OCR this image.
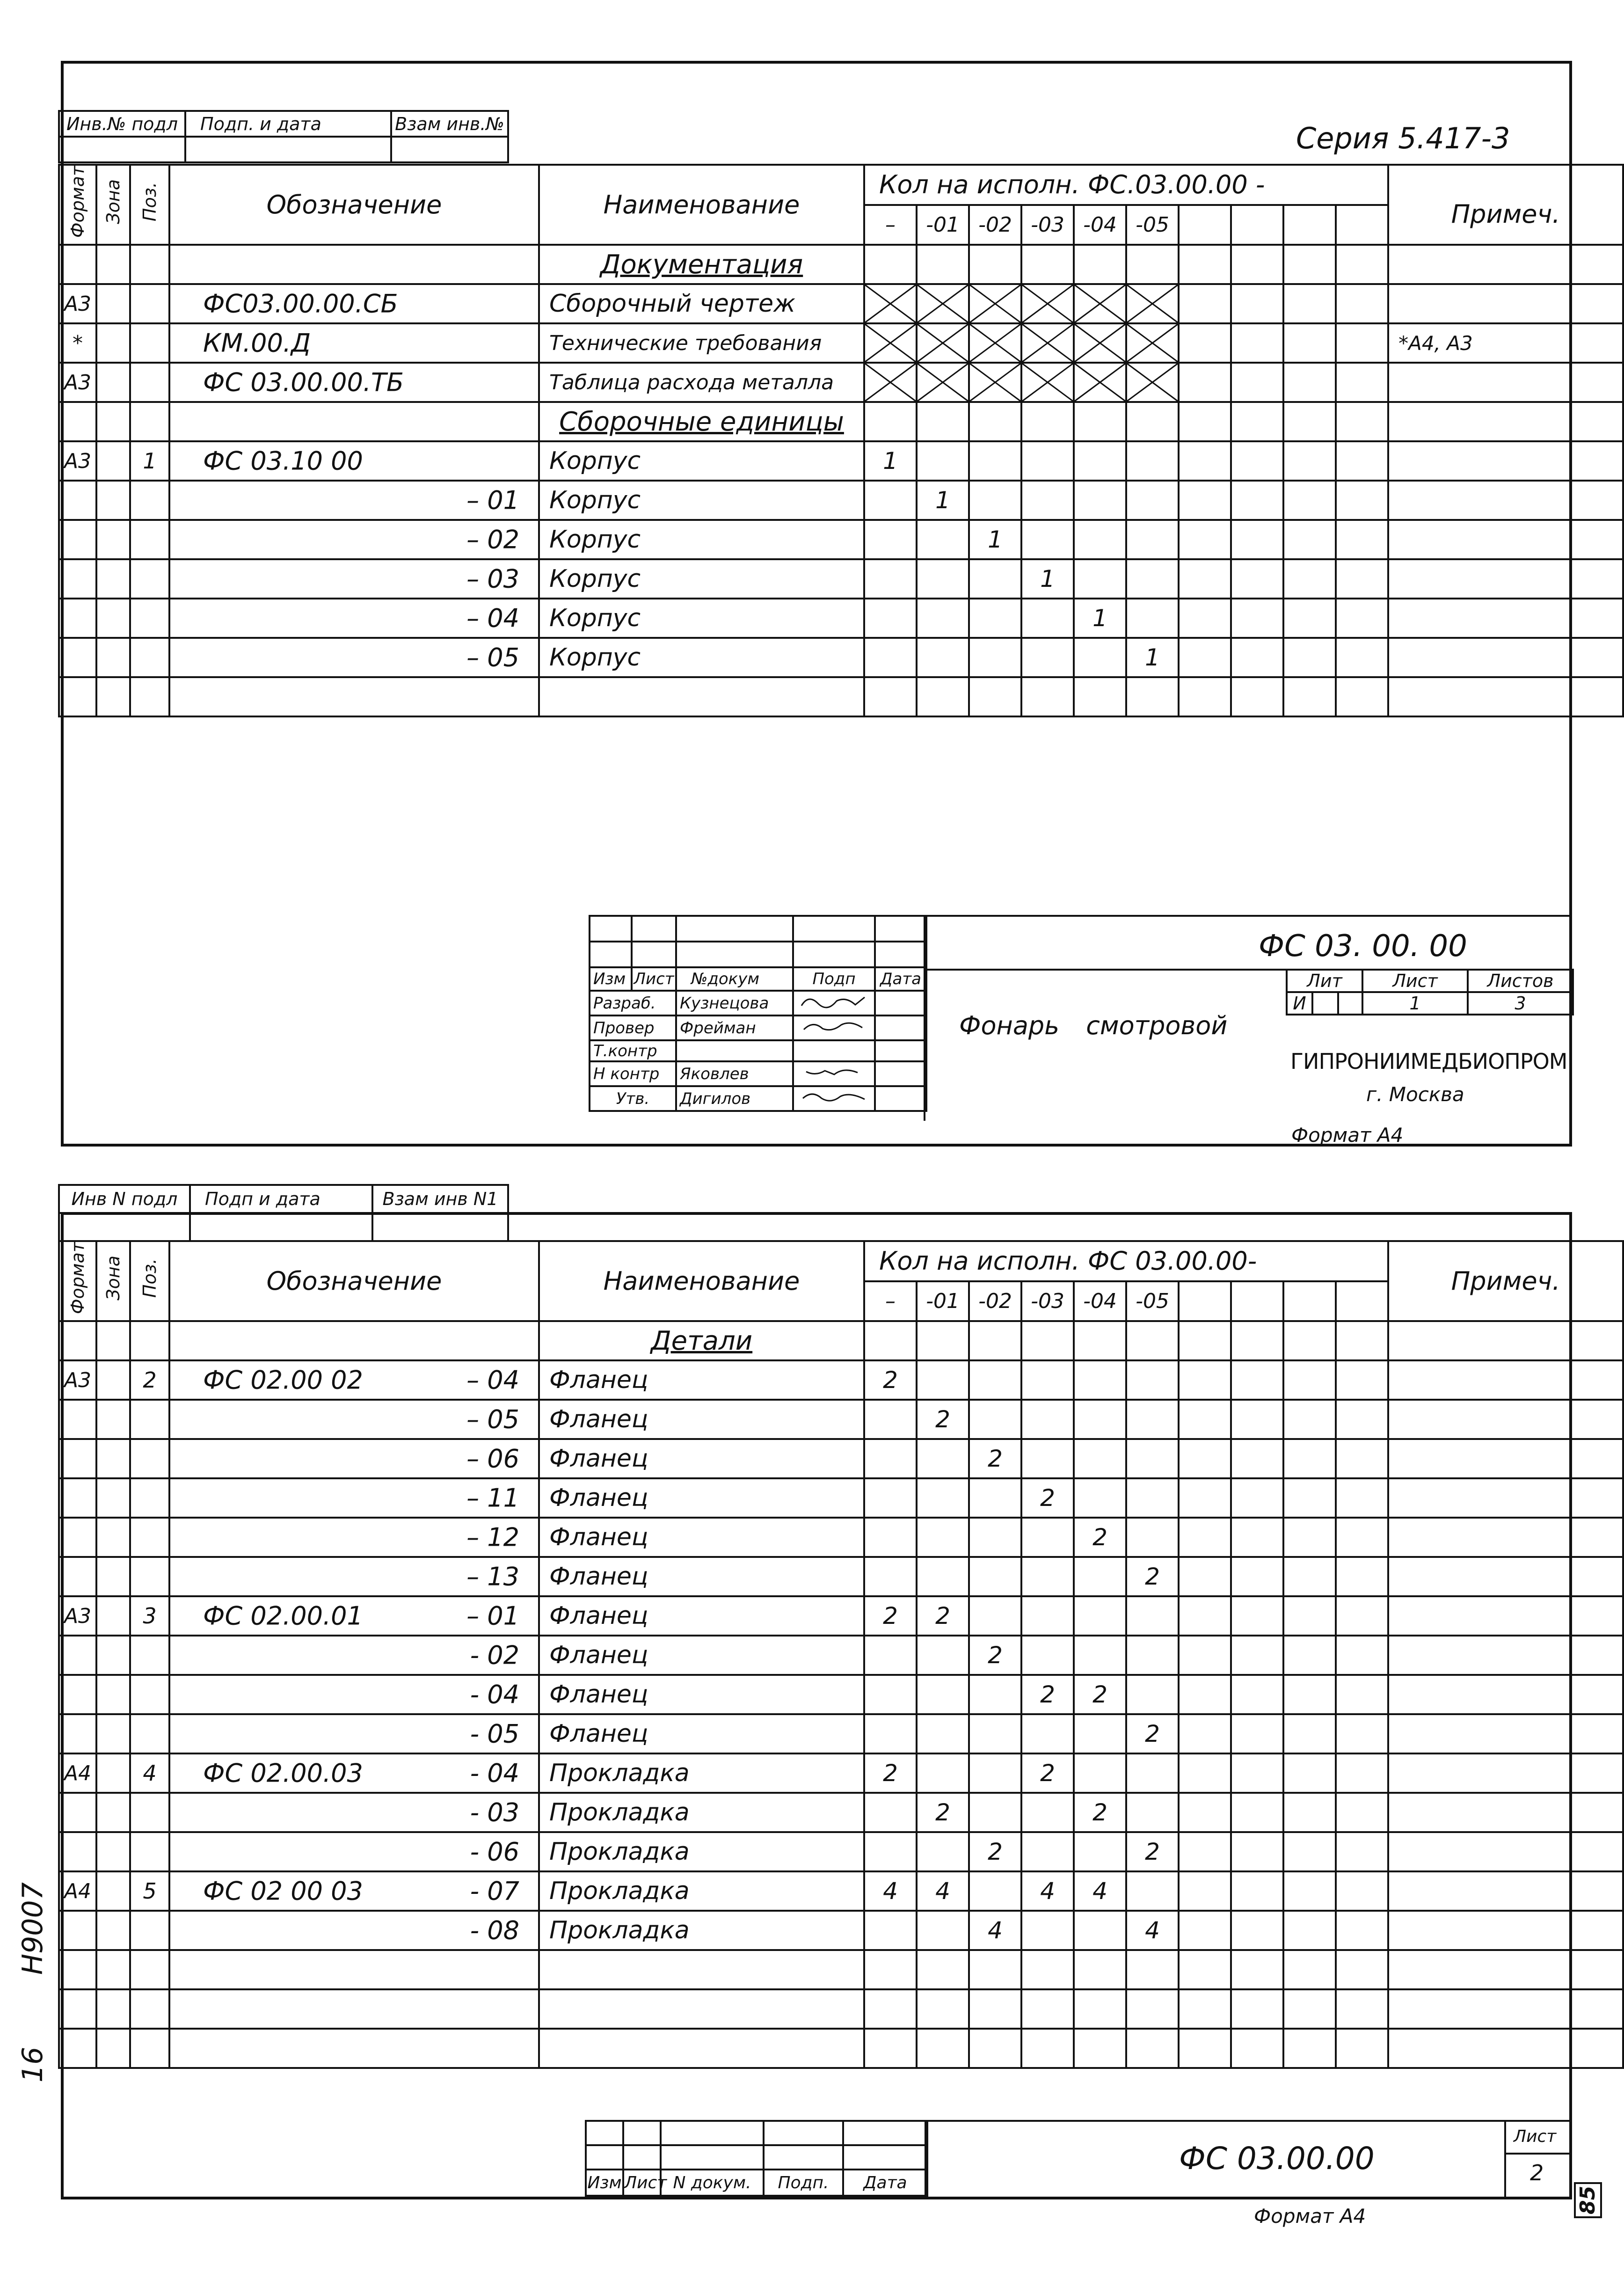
Инв.№ подл	Подп. и дата	Взам инв.№
			Серия 5.417-3
Формат	Зона	Поз.	Обозначение	Наименование	Кол на исполн. ФС.03.00.00 -										Примеч.
					–	-01	-02	-03	-04	-05					

	Документация											
А3			ФС03.00.00.СБ	Сборочный чертеж	

*			КМ.00.Д	Технические требования											*А4, А3
А3			ФС 03.00.00.ТБ	Таблица расхода металла	

	Сборочные единицы											
А3		1	ФС 03.10 00	Корпус	1										

			– 01	Корпус		1									

			– 02	Корпус			1								

			– 03	Корпус				1							

			– 04	Корпус					1						

			– 05	Корпус						1					

Изм	Лист	№докум	Подп	Дата
Разраб.		Кузнецова		
Провер		Фрейман		
Т.контр				
Н контр		Яковлев		
Утв.		Дигилов		
ФС 03. 00. 00
Фонарь смотровой
Лит			Лист	Листов
И			1	3
ГИПРОНИИМЕДБИОПРОМ
г. Москва
Формат А4
Инв N подл	Подп и дата	Взам инв N1

Формат	Зона	Поз.	Обозначение	Наименование	Кол на исполн. ФС 03.00.00-										Примеч.
					–	-01	-02	-03	-04	-05					

	Детали											
А3		2	ФС 02.00 02 – 04	Фланец	2										

			– 05	Фланец		2									

			– 06	Фланец			2								

			– 11	Фланец				2							

			– 12	Фланец					2						

			– 13	Фланец						2					
А3		3	ФС 02.00.01 – 01	Фланец	2	2									

			- 02	Фланец			2								

			- 04	Фланец				2	2						

			- 05	Фланец						2					
А4		4	ФС 02.00.03 - 04	Прокладка	2			2							

			- 03	Прокладка		2			2						

			- 06	Прокладка			2			2					
А4		5	ФС 02 00 03 - 07	Прокладка	4	4		4	4						

			- 08	Прокладка			4			4					

Изм	Лист	N докум.	Подп.	Дата
ФС 03.00.00
Лист
2
Формат А4
Н9007
16
85
